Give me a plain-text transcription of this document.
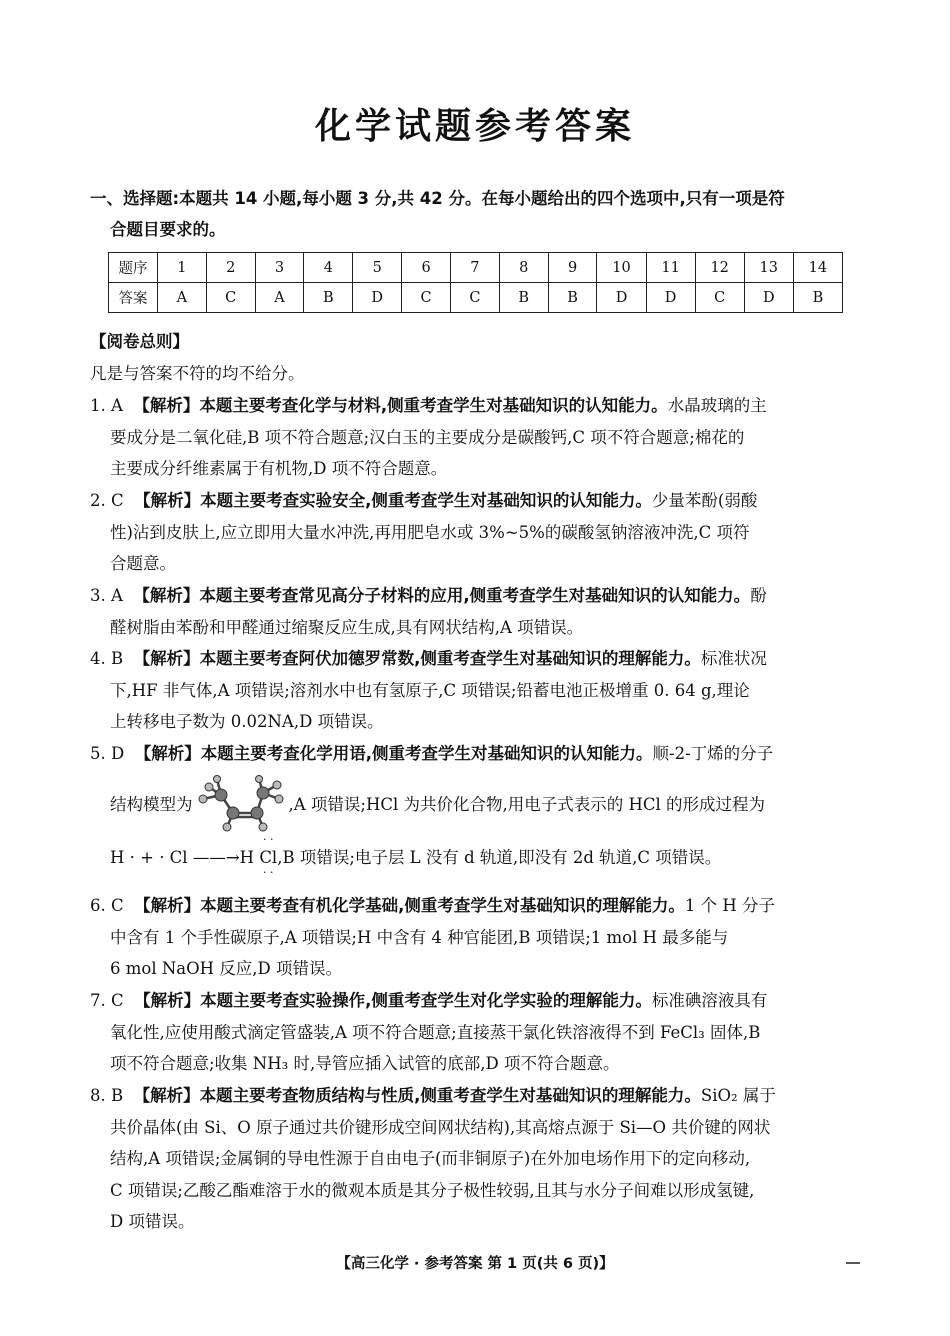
化学试题参考答案
一、选择题:本题共 14 小题,每小题 3 分,共 42 分。在每小题给出的四个选项中,只有一项是符
合题目要求的。
题序	1	2	3	4	5	6	7	8	9	10	11	12	13	14
答案	A	C	A	B	D	C	C	B	B	D	D	C	D	B
【阅卷总则】
凡是与答案不符的均不给分。
1. A 【解析】本题主要考查化学与材料,侧重考查学生对基础知识的认知能力。水晶玻璃的主
要成分是二氧化硅,B 项不符合题意;汉白玉的主要成分是碳酸钙,C 项不符合题意;棉花的
主要成分纤维素属于有机物,D 项不符合题意。
2. C 【解析】本题主要考查实验安全,侧重考查学生对基础知识的认知能力。少量苯酚(弱酸
性)沾到皮肤上,应立即用大量水冲洗,再用肥皂水或 3%~5%的碳酸氢钠溶液冲洗,C 项符
合题意。
3. A 【解析】本题主要考查常见高分子材料的应用,侧重考查学生对基础知识的认知能力。酚
醛树脂由苯酚和甲醛通过缩聚反应生成,具有网状结构,A 项错误。
4. B 【解析】本题主要考查阿伏加德罗常数,侧重考查学生对基础知识的理解能力。标准状况
下,HF 非气体,A 项错误;溶剂水中也有氢原子,C 项错误;铅蓄电池正极增重 0. 64 g,理论
上转移电子数为 0.02NA,D 项错误。
5. D 【解析】本题主要考查化学用语,侧重考查学生对基础知识的认知能力。顺-2-丁烯的分子
结构模型为	,A 项错误;HCl 为共价化合物,用电子式表示的 HCl 的形成过程为
H · + · Cl ——→H · · Cl · ·,B 项错误;电子层 L 没有 d 轨道,即没有 2d 轨道,C 项错误。
6. C 【解析】本题主要考查有机化学基础,侧重考查学生对基础知识的理解能力。1 个 H 分子
中含有 1 个手性碳原子,A 项错误;H 中含有 4 种官能团,B 项错误;1 mol H 最多能与
6 mol NaOH 反应,D 项错误。
7. C 【解析】本题主要考查实验操作,侧重考查学生对化学实验的理解能力。标准碘溶液具有
氧化性,应使用酸式滴定管盛装,A 项不符合题意;直接蒸干氯化铁溶液得不到 FeCl₃ 固体,B
项不符合题意;收集 NH₃ 时,导管应插入试管的底部,D 项不符合题意。
8. B 【解析】本题主要考查物质结构与性质,侧重考查学生对基础知识的理解能力。SiO₂ 属于
共价晶体(由 Si、O 原子通过共价键形成空间网状结构),其高熔点源于 Si—O 共价键的网状
结构,A 项错误;金属铜的导电性源于自由电子(而非铜原子)在外加电场作用下的定向移动,
C 项错误;乙酸乙酯难溶于水的微观本质是其分子极性较弱,且其与水分子间难以形成氢键,
D 项错误。
【高三化学 · 参考答案 第 1 页(共 6 页)】
